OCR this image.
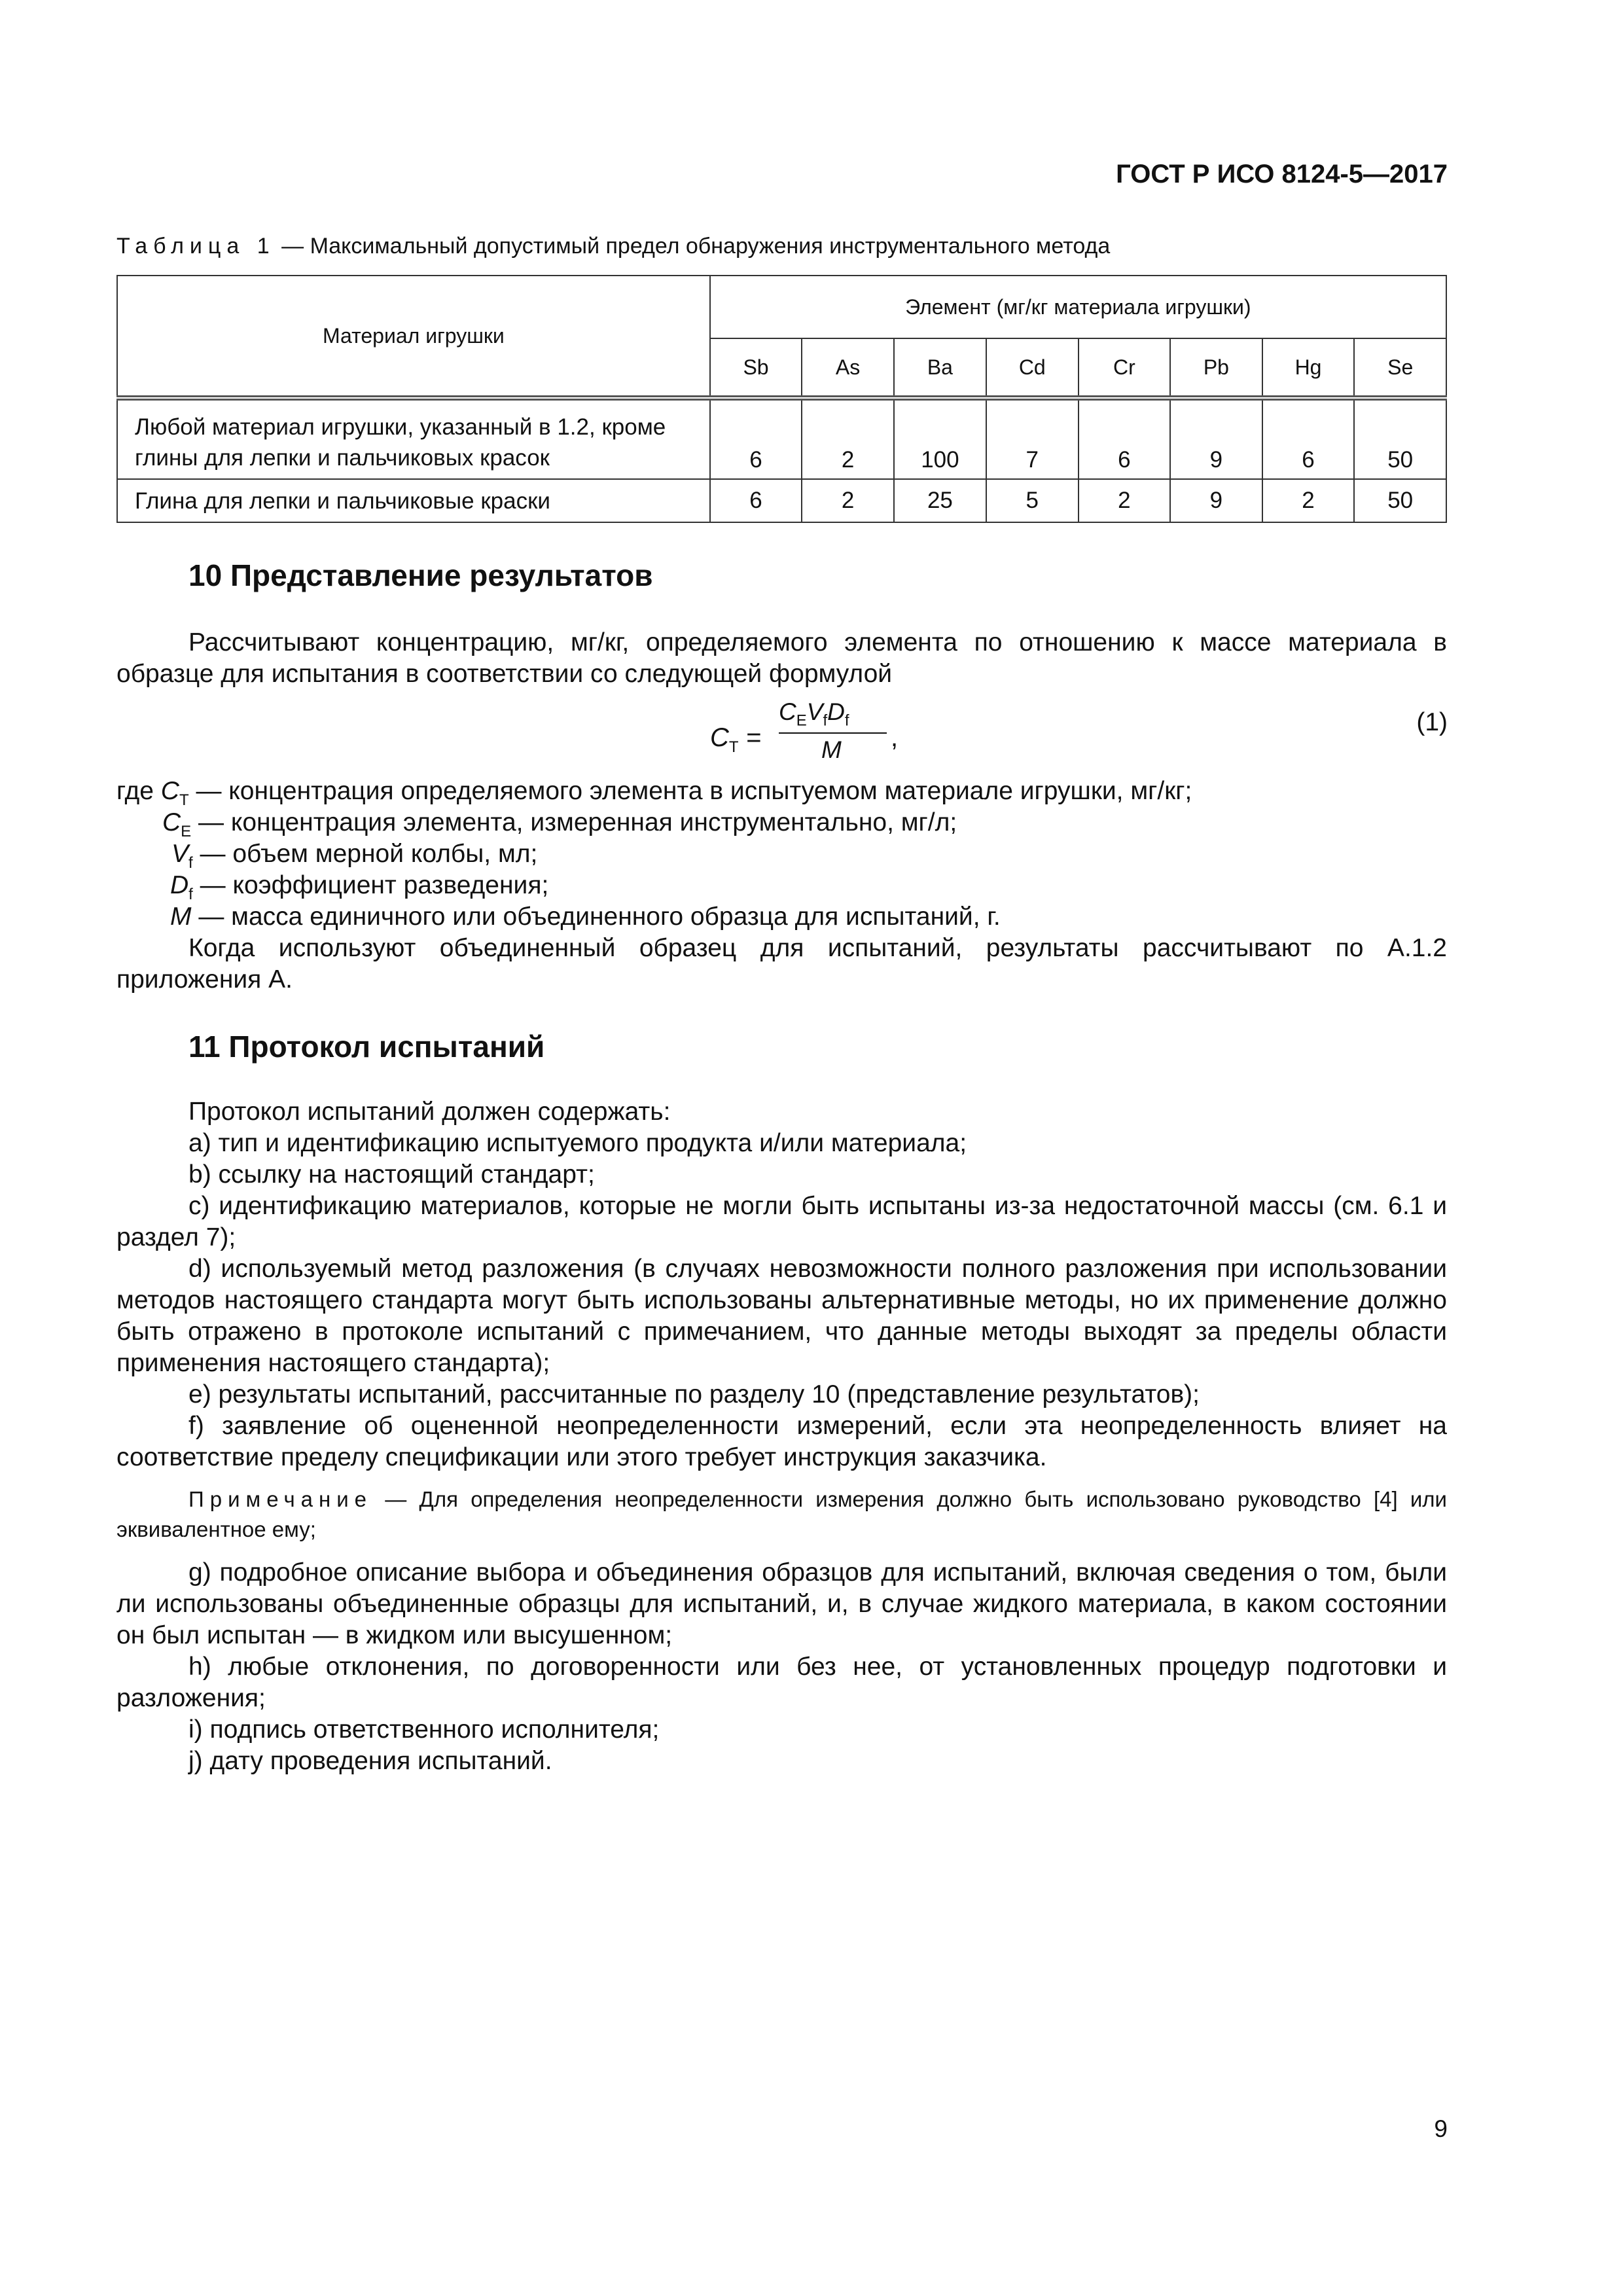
ГОСТ Р ИСО 8124-5—2017
Таблица 1 — Максимальный допустимый предел обнаружения инструментального метода
Материал игрушки	Элемент (мг/кг материала игрушки)							
	Sb	As	Ba	Cd	Cr	Pb	Hg	Se

Любой материал игрушки, указанный в 1.2, кроме
глины для лепки и пальчиковых красок	6	2	100	7	6	9	6	50
Глина для лепки и пальчиковые краски	6	2	25	5	2	9	2	50
10 Представление результатов
Рассчитывают концентрацию, мг/кг, определяемого элемента по отношению к массе материала в образце для испытания в соответствии со следующей формулой
$C_T$ =
$C_EV_fD_f$
M ,
(1)
где $C_T$ — концентрация определяемого элемента в испытуемом материале игрушки, мг/кг;
$C_E$ — концентрация элемента, измеренная инструментально, мг/л;
$V_f$ — объем мерной колбы, мл;
$D_f$ — коэффициент разведения;
M — масса единичного или объединенного образца для испытаний, г.
Когда используют объединенный образец для испытаний, результаты рассчитывают по А.1.2 приложения А.
11 Протокол испытаний
Протокол испытаний должен содержать:
a) тип и идентификацию испытуемого продукта и/или материала;
b) ссылку на настоящий стандарт;
c) идентификацию материалов, которые не могли быть испытаны из-за недостаточной массы (см. 6.1 и раздел 7);
d) используемый метод разложения (в случаях невозможности полного разложения при использовании методов настоящего стандарта могут быть использованы альтернативные методы, но их применение должно быть отражено в протоколе испытаний с примечанием, что данные методы выходят за пределы области применения настоящего стандарта);
e) результаты испытаний, рассчитанные по разделу 10 (представление результатов);
f) заявление об оцененной неопределенности измерений, если эта неопределенность влияет на соответствие пределу спецификации или этого требует инструкция заказчика.
Примечание — Для определения неопределенности измерения должно быть использовано руководство [4] или эквивалентное ему;
g) подробное описание выбора и объединения образцов для испытаний, включая сведения о том, были ли использованы объединенные образцы для испытаний, и, в случае жидкого материала, в каком состоянии он был испытан — в жидком или высушенном;
h) любые отклонения, по договоренности или без нее, от установленных процедур подготовки и разложения;
i) подпись ответственного исполнителя;
j) дату проведения испытаний.
9
